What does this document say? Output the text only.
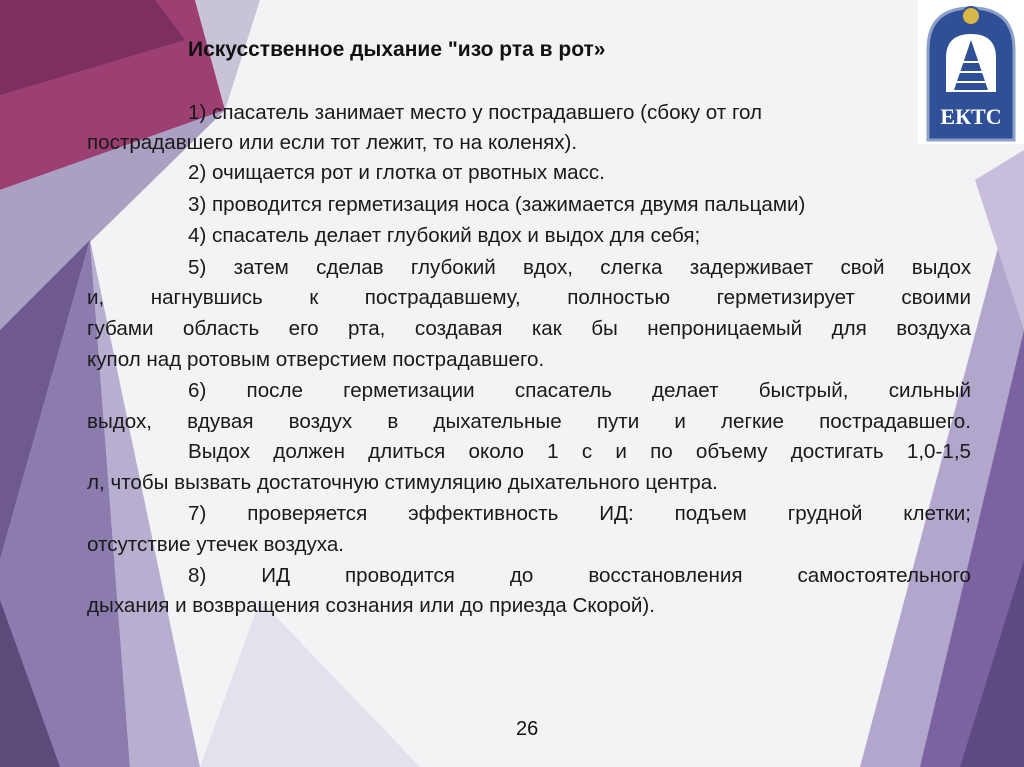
ЕКТС
Искусственное дыхание "изо рта в рот»
1) спасатель занимает место у пострадавшего (сбоку от гол
пострадавшего или если тот лежит, то на коленях).
2) очищается рот и глотка от рвотных масс.
3) проводится герметизация носа (зажимается двумя пальцами)
4) спасатель делает глубокий вдох и выдох для себя;
5) затем сделав глубокий вдох, слегка задерживает свой выдох
и, нагнувшись к пострадавшему, полностью герметизирует своими
губами область его рта, создавая как бы непроницаемый для воздуха
купол над ротовым отверстием пострадавшего.
6) после герметизации спасатель делает быстрый, сильный
выдох, вдувая воздух в дыхательные пути и легкие пострадавшего.
Выдох должен длиться около 1 с и по объему достигать 1,0-1,5
л, чтобы вызвать достаточную стимуляцию дыхательного центра.
7) проверяется эффективность ИД: подъем грудной клетки;
отсутствие утечек воздуха.
8) ИД проводится до восстановления самостоятельного
дыхания и возвращения сознания или до приезда Скорой).
26
